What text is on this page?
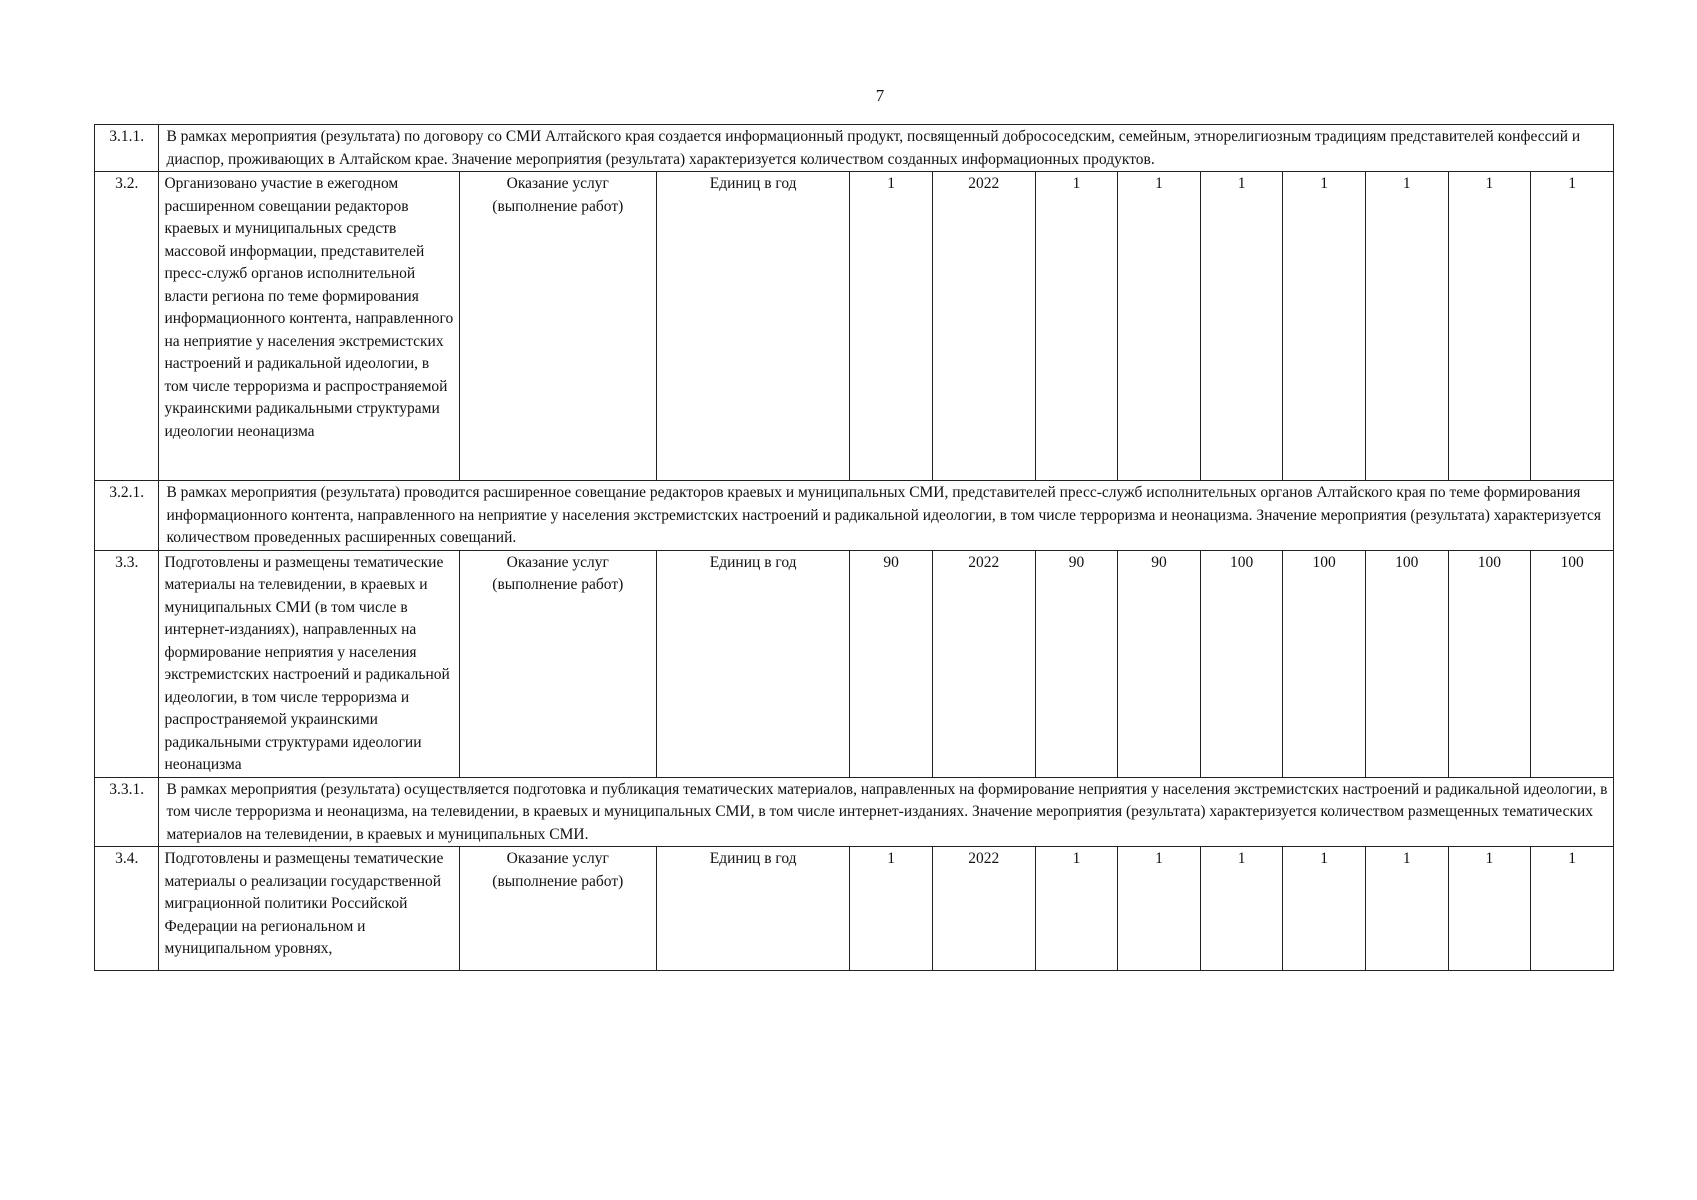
7
3.1.1.	В рамках мероприятия (результата) по договору со СМИ Алтайского края создается информационный продукт, посвященный добрососедским, семейным, этнорелигиозным традициям представителей конфессий и диаспор, проживающих в Алтайском крае. Значение мероприятия (результата) характеризуется количеством созданных информационных продуктов.											
3.2.	Организовано участие в ежегодном расширенном совещании редакторов краевых и муниципальных средств массовой информации, представителей пресс-служб органов исполнительной власти региона по теме формирования информационного контента, направленного на неприятие у населения экстремистских настроений и радикальной идеологии, в том числе терроризма и распространяемой украинскими радикальными структурами идеологии неонацизма	Оказание услуг (выполнение работ)	Единиц в год	1	2022	1	1	1	1	1	1	1
3.2.1.	В рамках мероприятия (результата) проводится расширенное совещание редакторов краевых и муниципальных СМИ, представителей пресс-служб исполнительных органов Алтайского края по теме формирования информационного контента, направленного на неприятие у населения экстремистских настроений и радикальной идеологии, в том числе терроризма и неонацизма. Значение мероприятия (результата) характеризуется количеством проведенных расширенных совещаний.											
3.3.	Подготовлены и размещены тематические материалы на телевидении, в краевых и муниципальных СМИ (в том числе в интернет-изданиях), направленных на формирование неприятия у населения экстремистских настроений и радикальной идеологии, в том числе терроризма и распространяемой украинскими радикальными структурами идеологии неонацизма	Оказание услуг (выполнение работ)	Единиц в год	90	2022	90	90	100	100	100	100	100
3.3.1.	В рамках мероприятия (результата) осуществляется подготовка и публикация тематических материалов, направленных на формирование неприятия у населения экстремистских настроений и радикальной идеологии, в том числе терроризма и неонацизма, на телевидении, в краевых и муниципальных СМИ, в том числе интернет-изданиях. Значение мероприятия (результата) характеризуется количеством размещенных тематических материалов на телевидении, в краевых и муниципальных СМИ.											
3.4.	Подготовлены и размещены тематические материалы о реализации государственной миграционной политики Российской Федерации на региональном и муниципальном уровнях,	Оказание услуг (выполнение работ)	Единиц в год	1	2022	1	1	1	1	1	1	1
